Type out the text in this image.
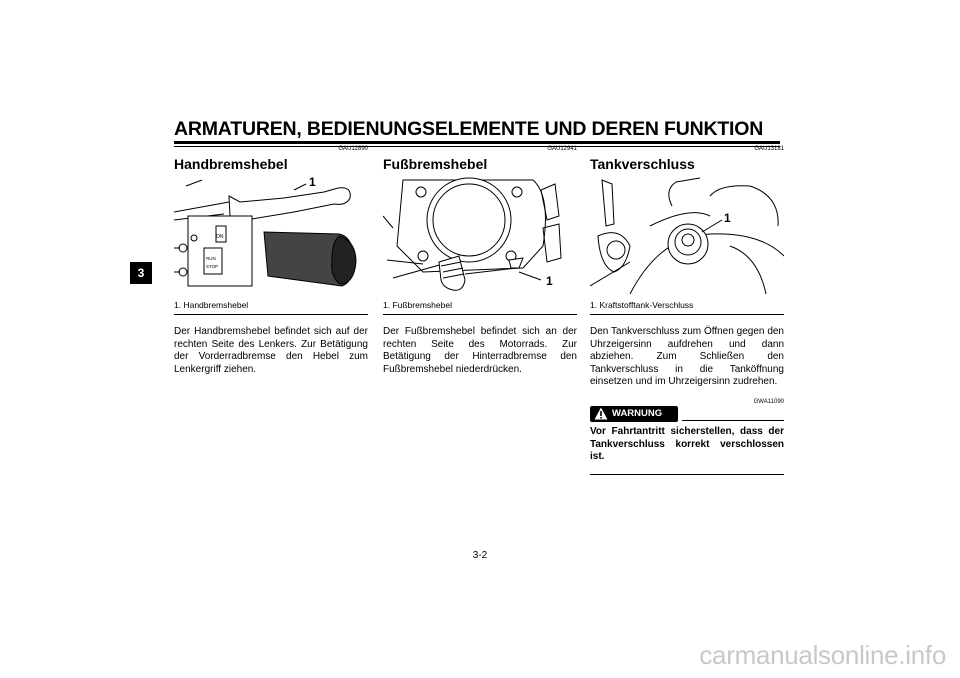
ARMATUREN, BEDIENUNGSELEMENTE UND DEREN FUNKTION
3
GAU12890
Handbremshebel
ON
RUN
STOP
1
1. Handbremshebel

Der Handbremshebel befindet sich auf der rechten Seite des Lenkers. Zur Betätigung der Vorderradbremse den Hebel zum Lenkergriff ziehen.

GAU12941
Fußbremshebel
1
1. Fußbremshebel

Der Fußbremshebel befindet sich an der rechten Seite des Motorrads. Zur Betätigung der Hinterradbremse den Fußbremshebel niederdrücken.

GAU13181
Tankverschluss
1
1. Kraftstofftank-Verschluss

Den Tankverschluss zum Öffnen gegen den Uhrzeigersinn aufdrehen und dann abziehen. Zum Schließen den Tankverschluss in die Tanköffnung einsetzen und im Uhrzeigersinn zudrehen.

GWA11090
WARNUNG

Vor Fahrtantritt sicherstellen, dass der Tankverschluss korrekt verschlossen ist.

3-2
carmanualsonline.info
